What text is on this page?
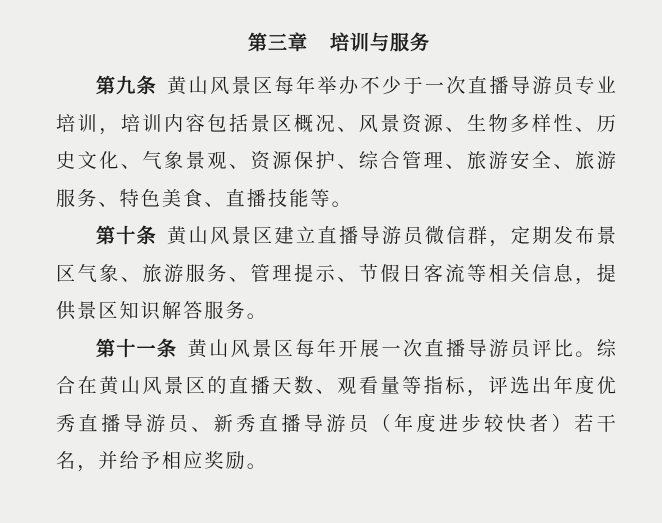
第三章 培训与服务

第九条 黄山风景区每年举办不少于一次直播导游员专业培训，培训内容包括景区概况、风景资源、生物多样性、历史文化、气象景观、资源保护、综合管理、旅游安全、旅游服务、特色美食、直播技能等。

第十条 黄山风景区建立直播导游员微信群，定期发布景区气象、旅游服务、管理提示、节假日客流等相关信息，提供景区知识解答服务。

第十一条 黄山风景区每年开展一次直播导游员评比。综合在黄山风景区的直播天数、观看量等指标，评选出年度优秀直播导游员、新秀直播导游员（年度进步较快者）若干名，并给予相应奖励。
